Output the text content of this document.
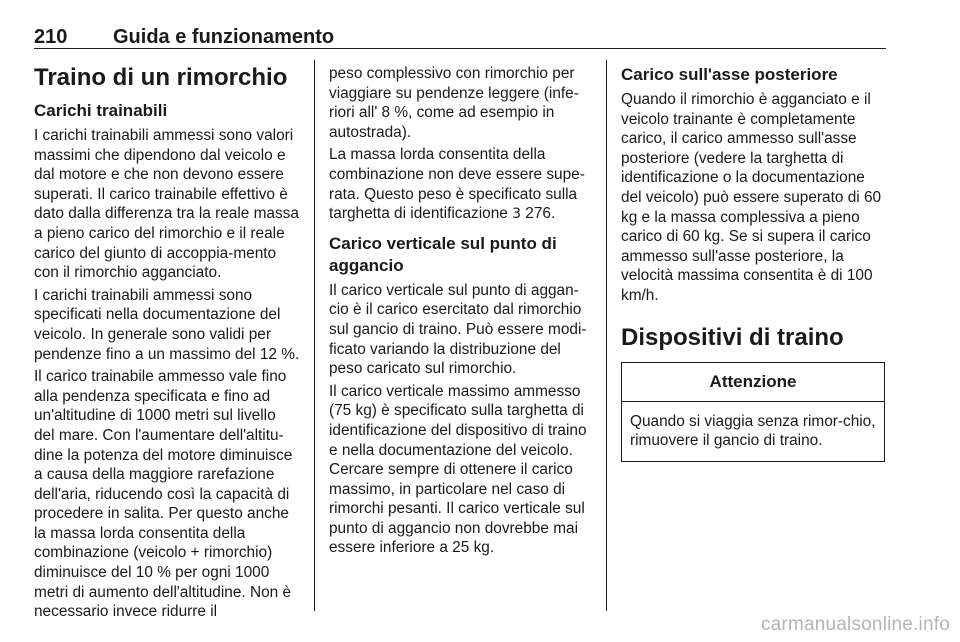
210 Guida e funzionamento
Traino di un rimorchio
Carichi trainabili

I carichi trainabili ammessi sono valori massimi che dipendono dal veicolo e dal motore e che non devono essere superati. Il carico trainabile effettivo è dato dalla differenza tra la reale massa a pieno carico del rimorchio e il reale carico del giunto di accoppia-mento con il rimorchio agganciato.

I carichi trainabili ammessi sono specificati nella documentazione del veicolo. In generale sono validi per pendenze fino a un massimo del 12 %.

Il carico trainabile ammesso vale fino alla pendenza specificata e fino ad un'altitudine di 1000 metri sul livello del mare. Con l'aumentare dell'altitu-dine la potenza del motore diminuisce a causa della maggiore rarefazione dell'aria, riducendo così la capacità di procedere in salita. Per questo anche la massa lorda consentita della combinazione (veicolo + rimorchio) diminuisce del 10 % per ogni 1000 metri di aumento dell'altitudine. Non è necessario invece ridurre il

peso complessivo con rimorchio per viaggiare su pendenze leggere (infe-riori all' 8 %, come ad esempio in autostrada).

La massa lorda consentita della combinazione non deve essere supe-rata. Questo peso è specificato sulla targhetta di identificazione 3 276.

Carico verticale sul punto di aggancio

Il carico verticale sul punto di aggan-cio è il carico esercitato dal rimorchio sul gancio di traino. Può essere modi-ficato variando la distribuzione del peso caricato sul rimorchio.

Il carico verticale massimo ammesso (75 kg) è specificato sulla targhetta di identificazione del dispositivo di traino e nella documentazione del veicolo. Cercare sempre di ottenere il carico massimo, in particolare nel caso di rimorchi pesanti. Il carico verticale sul punto di aggancio non dovrebbe mai essere inferiore a 25 kg.

Carico sull'asse posteriore

Quando il rimorchio è agganciato e il veicolo trainante è completamente carico, il carico ammesso sull'asse posteriore (vedere la targhetta di identificazione o la documentazione del veicolo) può essere superato di 60 kg e la massa complessiva a pieno carico di 60 kg. Se si supera il carico ammesso sull'asse posteriore, la velocità massima consentita è di 100 km/h.

Dispositivi di traino
Attenzione

Quando si viaggia senza rimor-chio, rimuovere il gancio di traino.

carmanualsonline.info
